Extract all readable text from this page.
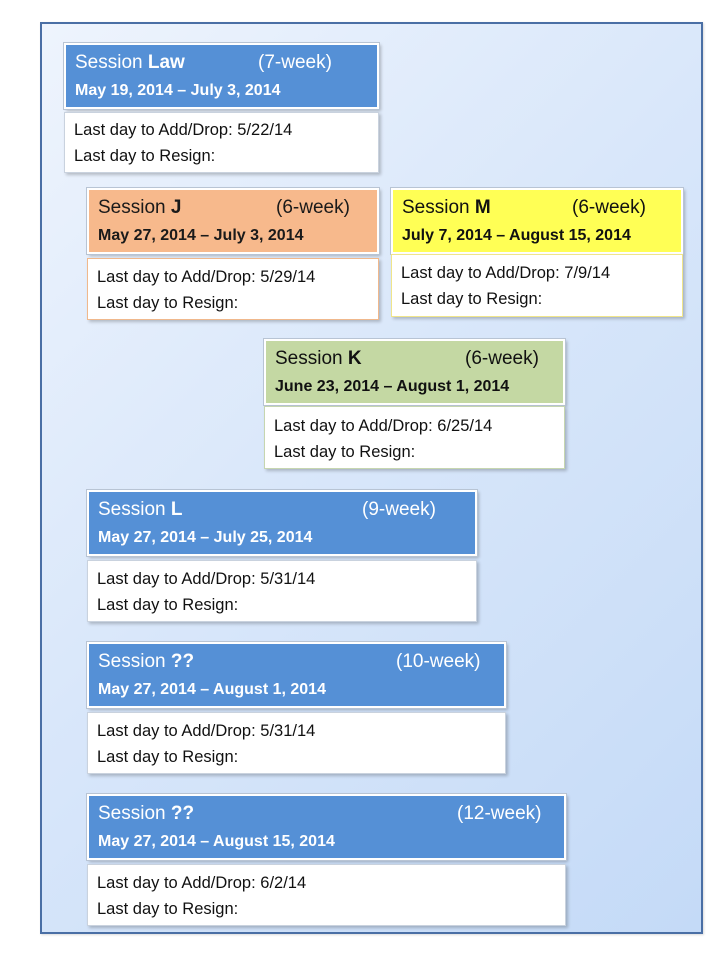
Session Law	(7-week)
May 19, 2014 – July 3, 2014
Last day to Add/Drop: 5/22/14
Last day to Resign:
Session J	(6-week)
May 27, 2014 – July 3, 2014
Last day to Add/Drop: 5/29/14
Last day to Resign:
Session M	(6-week)
July 7, 2014 – August 15, 2014
Last day to Add/Drop: 7/9/14
Last day to Resign:
Session K	(6-week)
June 23, 2014 – August 1, 2014
Last day to Add/Drop: 6/25/14
Last day to Resign:
Session L	(9-week)
May 27, 2014 – July 25, 2014
Last day to Add/Drop: 5/31/14
Last day to Resign:
Session ??	(10-week)
May 27, 2014 – August 1, 2014
Last day to Add/Drop: 5/31/14
Last day to Resign:
Session ??	(12-week)
May 27, 2014 – August 15, 2014
Last day to Add/Drop: 6/2/14
Last day to Resign:
